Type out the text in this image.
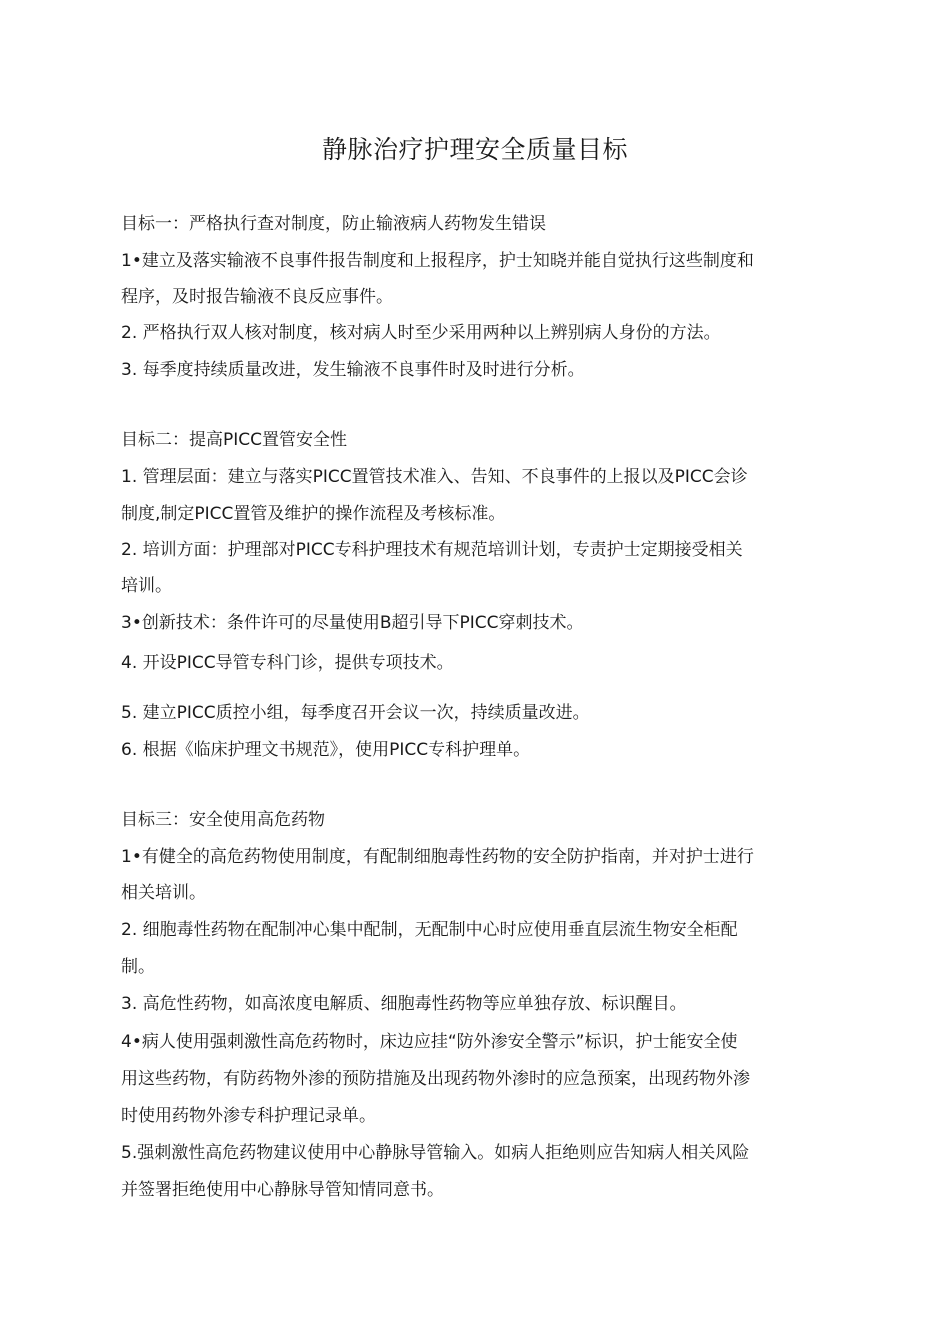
静脉治疗护理安全质量目标

目标一：严格执行查对制度，防止输液病人药物发生错误

1•建立及落实输液不良事件报告制度和上报程序，护士知晓并能自觉执行这些制度和

程序，及时报告输液不良反应事件。

2. 严格执行双人核对制度，核对病人时至少采用两种以上辨别病人身份的方法。

3. 每季度持续质量改进，发生输液不良事件时及时进行分析。

目标二：提高PICC置管安全性

1. 管理层面：建立与落实PICC置管技术准入、告知、不良事件的上报以及PICC会诊

制度,制定PICC置管及维护的操作流程及考核标准。

2. 培训方面：护理部对PICC专科护理技术有规范培训计划，专责护士定期接受相关

培训。

3•创新技术：条件许可的尽量使用B超引导下PICC穿刺技术。

4. 开设PICC导管专科门诊，提供专项技术。

5. 建立PICC质控小组，每季度召开会议一次，持续质量改进。

6. 根据《临床护理文书规范》，使用PICC专科护理单。

目标三：安全使用高危药物

1•有健全的高危药物使用制度，有配制细胞毒性药物的安全防护指南，并对护士进行

相关培训。

2. 细胞毒性药物在配制冲心集中配制，无配制中心时应使用垂直层流生物安全柜配

制。

3. 高危性药物，如高浓度电解质、细胞毒性药物等应单独存放、标识醒目。

4•病人使用强刺激性高危药物时，床边应挂“防外渗安全警示”标识，护士能安全使

用这些药物，有防药物外渗的预防措施及出现药物外渗时的应急预案，出现药物外渗

时使用药物外渗专科护理记录单。

5.强刺激性高危药物建议使用中心静脉导管输入。如病人拒绝则应告知病人相关风险

并签署拒绝使用中心静脉导管知情同意书。
